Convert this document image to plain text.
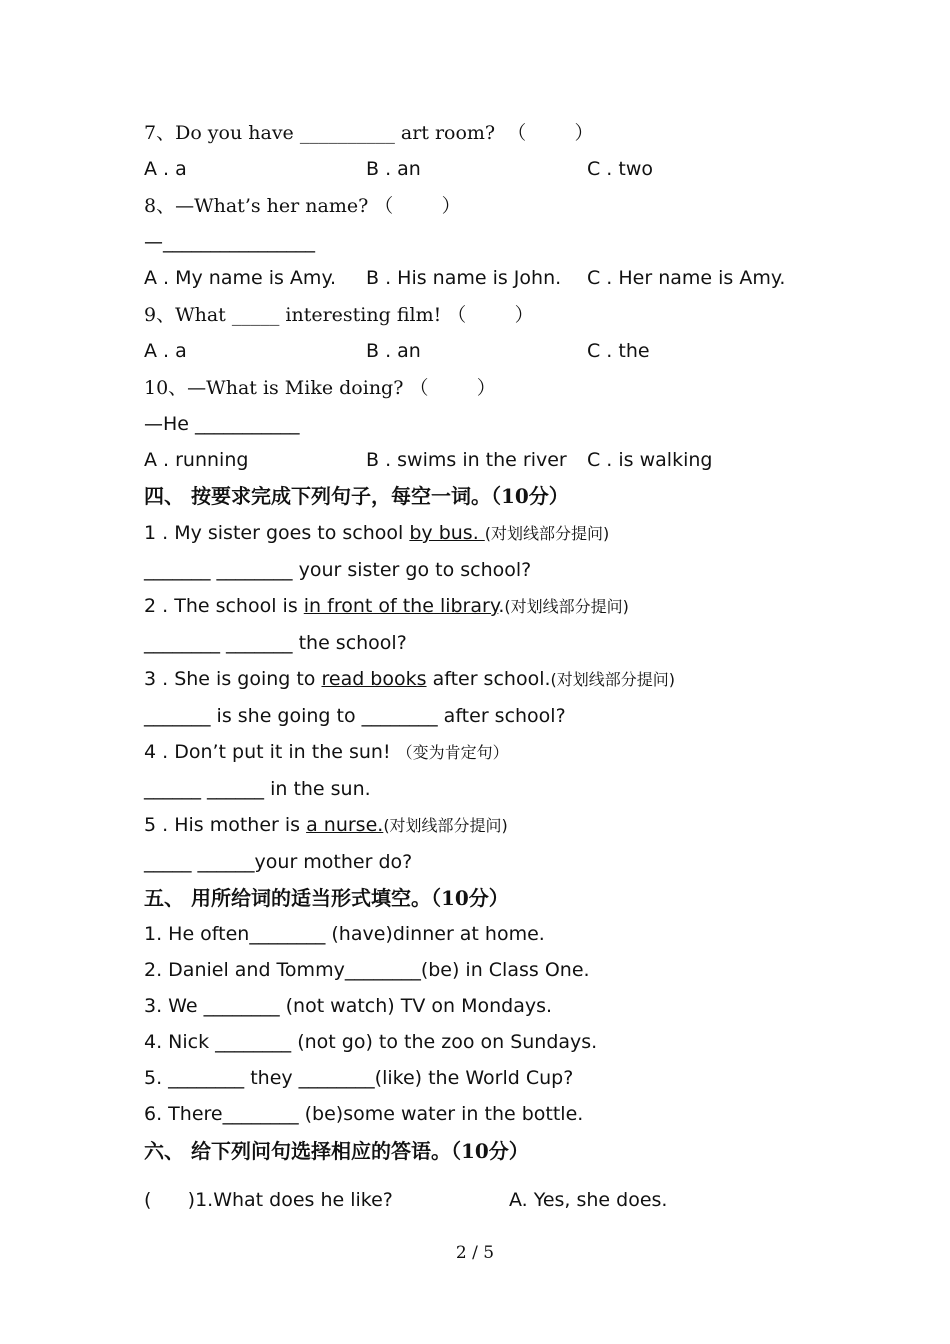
7、Do you have __________ art room?  （        ）
A . a	B . an	C . two
8、—What’s her name? （        ）
—________________
A . My name is Amy. B . His name is John. C . Her name is Amy.
9、What _____ interesting film! （        ）
A . a	B . an	C . the
10、—What is Mike doing? （        ）
—He ___________
A . running	B . swims in the river C . is walking
四、 按要求完成下列句子，每空一词。（10分）
1 . My sister goes to school by bus. (对划线部分提问)
_______ ________ your sister go to school?
2 . The school is in front of the library.(对划线部分提问)
________ _______ the school?
3 . She is going to read books after school.(对划线部分提问)
_______ is she going to ________ after school?
4 . Don’t put it in the sun! （变为肯定句）
______ ______ in the sun.
5 . His mother is a nurse.(对划线部分提问)
_____ ______your mother do?
五、 用所给词的适当形式填空。（10分）
1. He often________ (have)dinner at home.
2. Daniel and Tommy________(be) in Class One.
3. We ________ (not watch) TV on Mondays.
4. Nick ________ (not go) to the zoo on Sundays.
5. ________ they ________(like) the World Cup?
6. There________ (be)some water in the bottle.
六、 给下列问句选择相应的答语。（10分）
(      )1.What does he like?	A. Yes, she does.
2 / 5
